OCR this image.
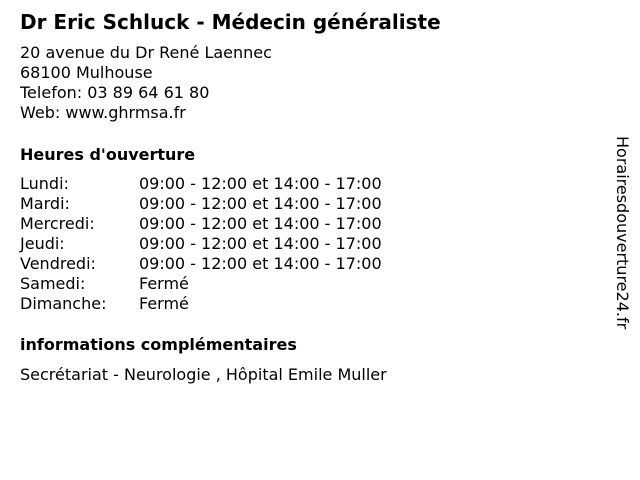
Dr Eric Schluck - Médecin généraliste
20 avenue du Dr René Laennec
68100 Mulhouse
Telefon: 03 89 64 61 80
Web: www.ghrmsa.fr
Heures d'ouverture
Lundi:	09:00 - 12:00 et 14:00 - 17:00
Mardi:	09:00 - 12:00 et 14:00 - 17:00
Mercredi:	09:00 - 12:00 et 14:00 - 17:00
Jeudi:	09:00 - 12:00 et 14:00 - 17:00
Vendredi:	09:00 - 12:00 et 14:00 - 17:00
Samedi:	Fermé
Dimanche:	Fermé
informations complémentaires
Secrétariat - Neurologie , Hôpital Emile Muller
Horairesdouverture24.fr
